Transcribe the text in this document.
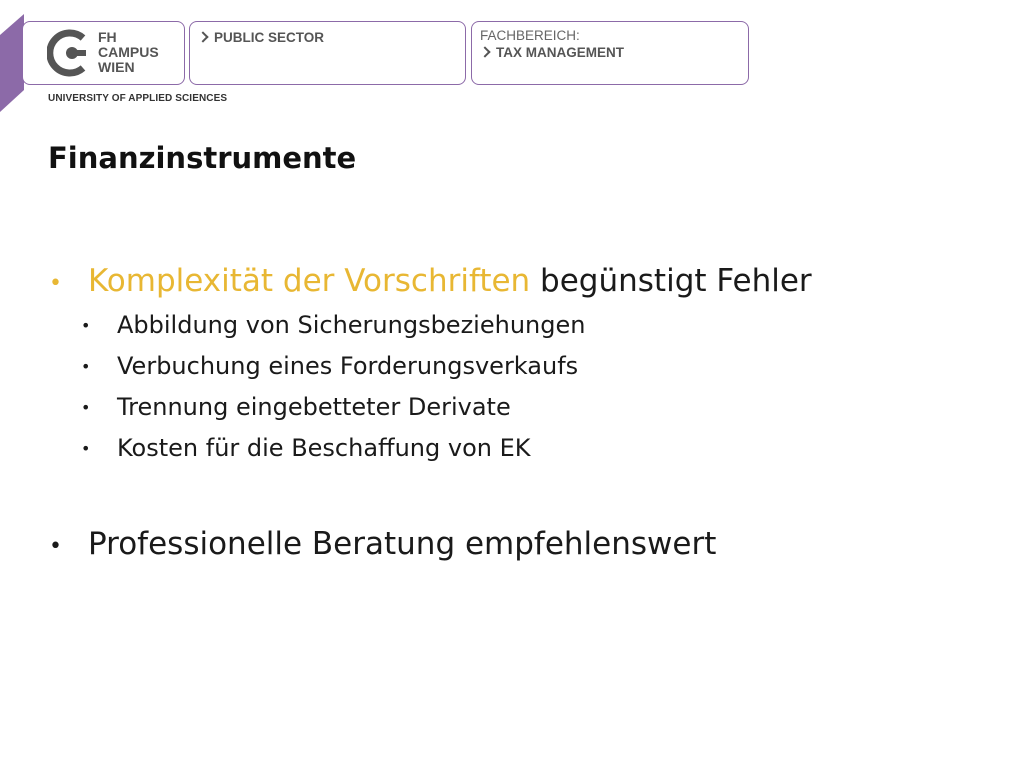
FH
CAMPUS
WIEN
PUBLIC SECTOR	FACHBEREICH:
TAX MANAGEMENT
UNIVERSITY OF APPLIED SCIENCES
Finanzinstrumente
• Komplexität der Vorschriften begünstigt Fehler
• Abbildung von Sicherungsbeziehungen
• Verbuchung eines Forderungsverkaufs
• Trennung eingebetteter Derivate
• Kosten für die Beschaffung von EK
• Professionelle Beratung empfehlenswert
